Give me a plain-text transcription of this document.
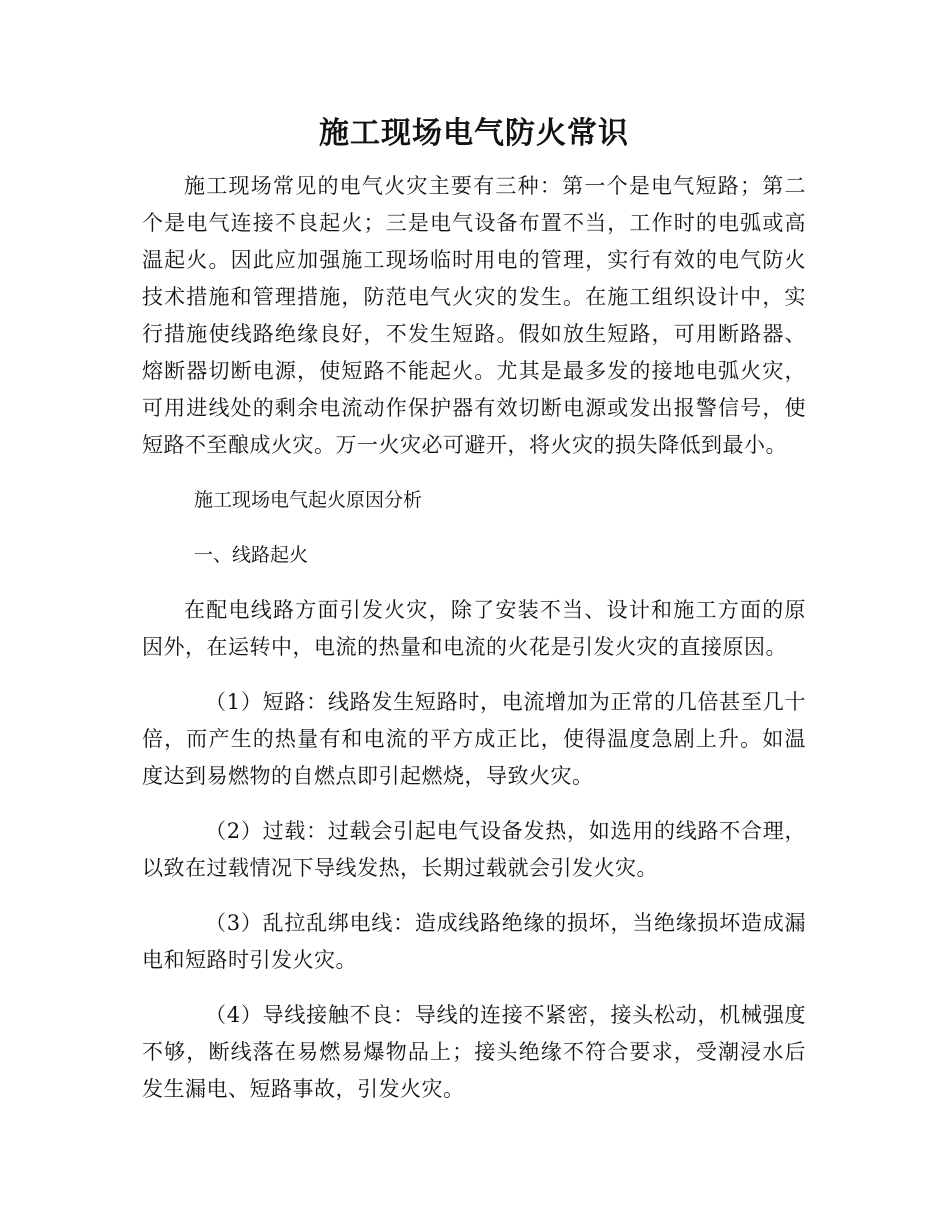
施工现场电气防火常识

施工现场常见的电气火灾主要有三种：第一个是电气短路；第二个是电气连接不良起火；三是电气设备布置不当，工作时的电弧或高温起火。因此应加强施工现场临时用电的管理，实行有效的电气防火技术措施和管理措施，防范电气火灾的发生。在施工组织设计中，实行措施使线路绝缘良好，不发生短路。假如放生短路，可用断路器、熔断器切断电源，使短路不能起火。尤其是最多发的接地电弧火灾，可用进线处的剩余电流动作保护器有效切断电源或发出报警信号，使短路不至酿成火灾。万一火灾必可避开，将火灾的损失降低到最小。

施工现场电气起火原因分析

一、线路起火

在配电线路方面引发火灾，除了安装不当、设计和施工方面的原因外，在运转中，电流的热量和电流的火花是引发火灾的直接原因。

（1）短路：线路发生短路时，电流增加为正常的几倍甚至几十倍，而产生的热量有和电流的平方成正比，使得温度急剧上升。如温度达到易燃物的自燃点即引起燃烧，导致火灾。

（2）过载：过载会引起电气设备发热，如选用的线路不合理，以致在过载情况下导线发热，长期过载就会引发火灾。

（3）乱拉乱绑电线：造成线路绝缘的损坏，当绝缘损坏造成漏电和短路时引发火灾。

（4）导线接触不良：导线的连接不紧密，接头松动，机械强度不够，断线落在易燃易爆物品上；接头绝缘不符合要求，受潮浸水后发生漏电、短路事故，引发火灾。
